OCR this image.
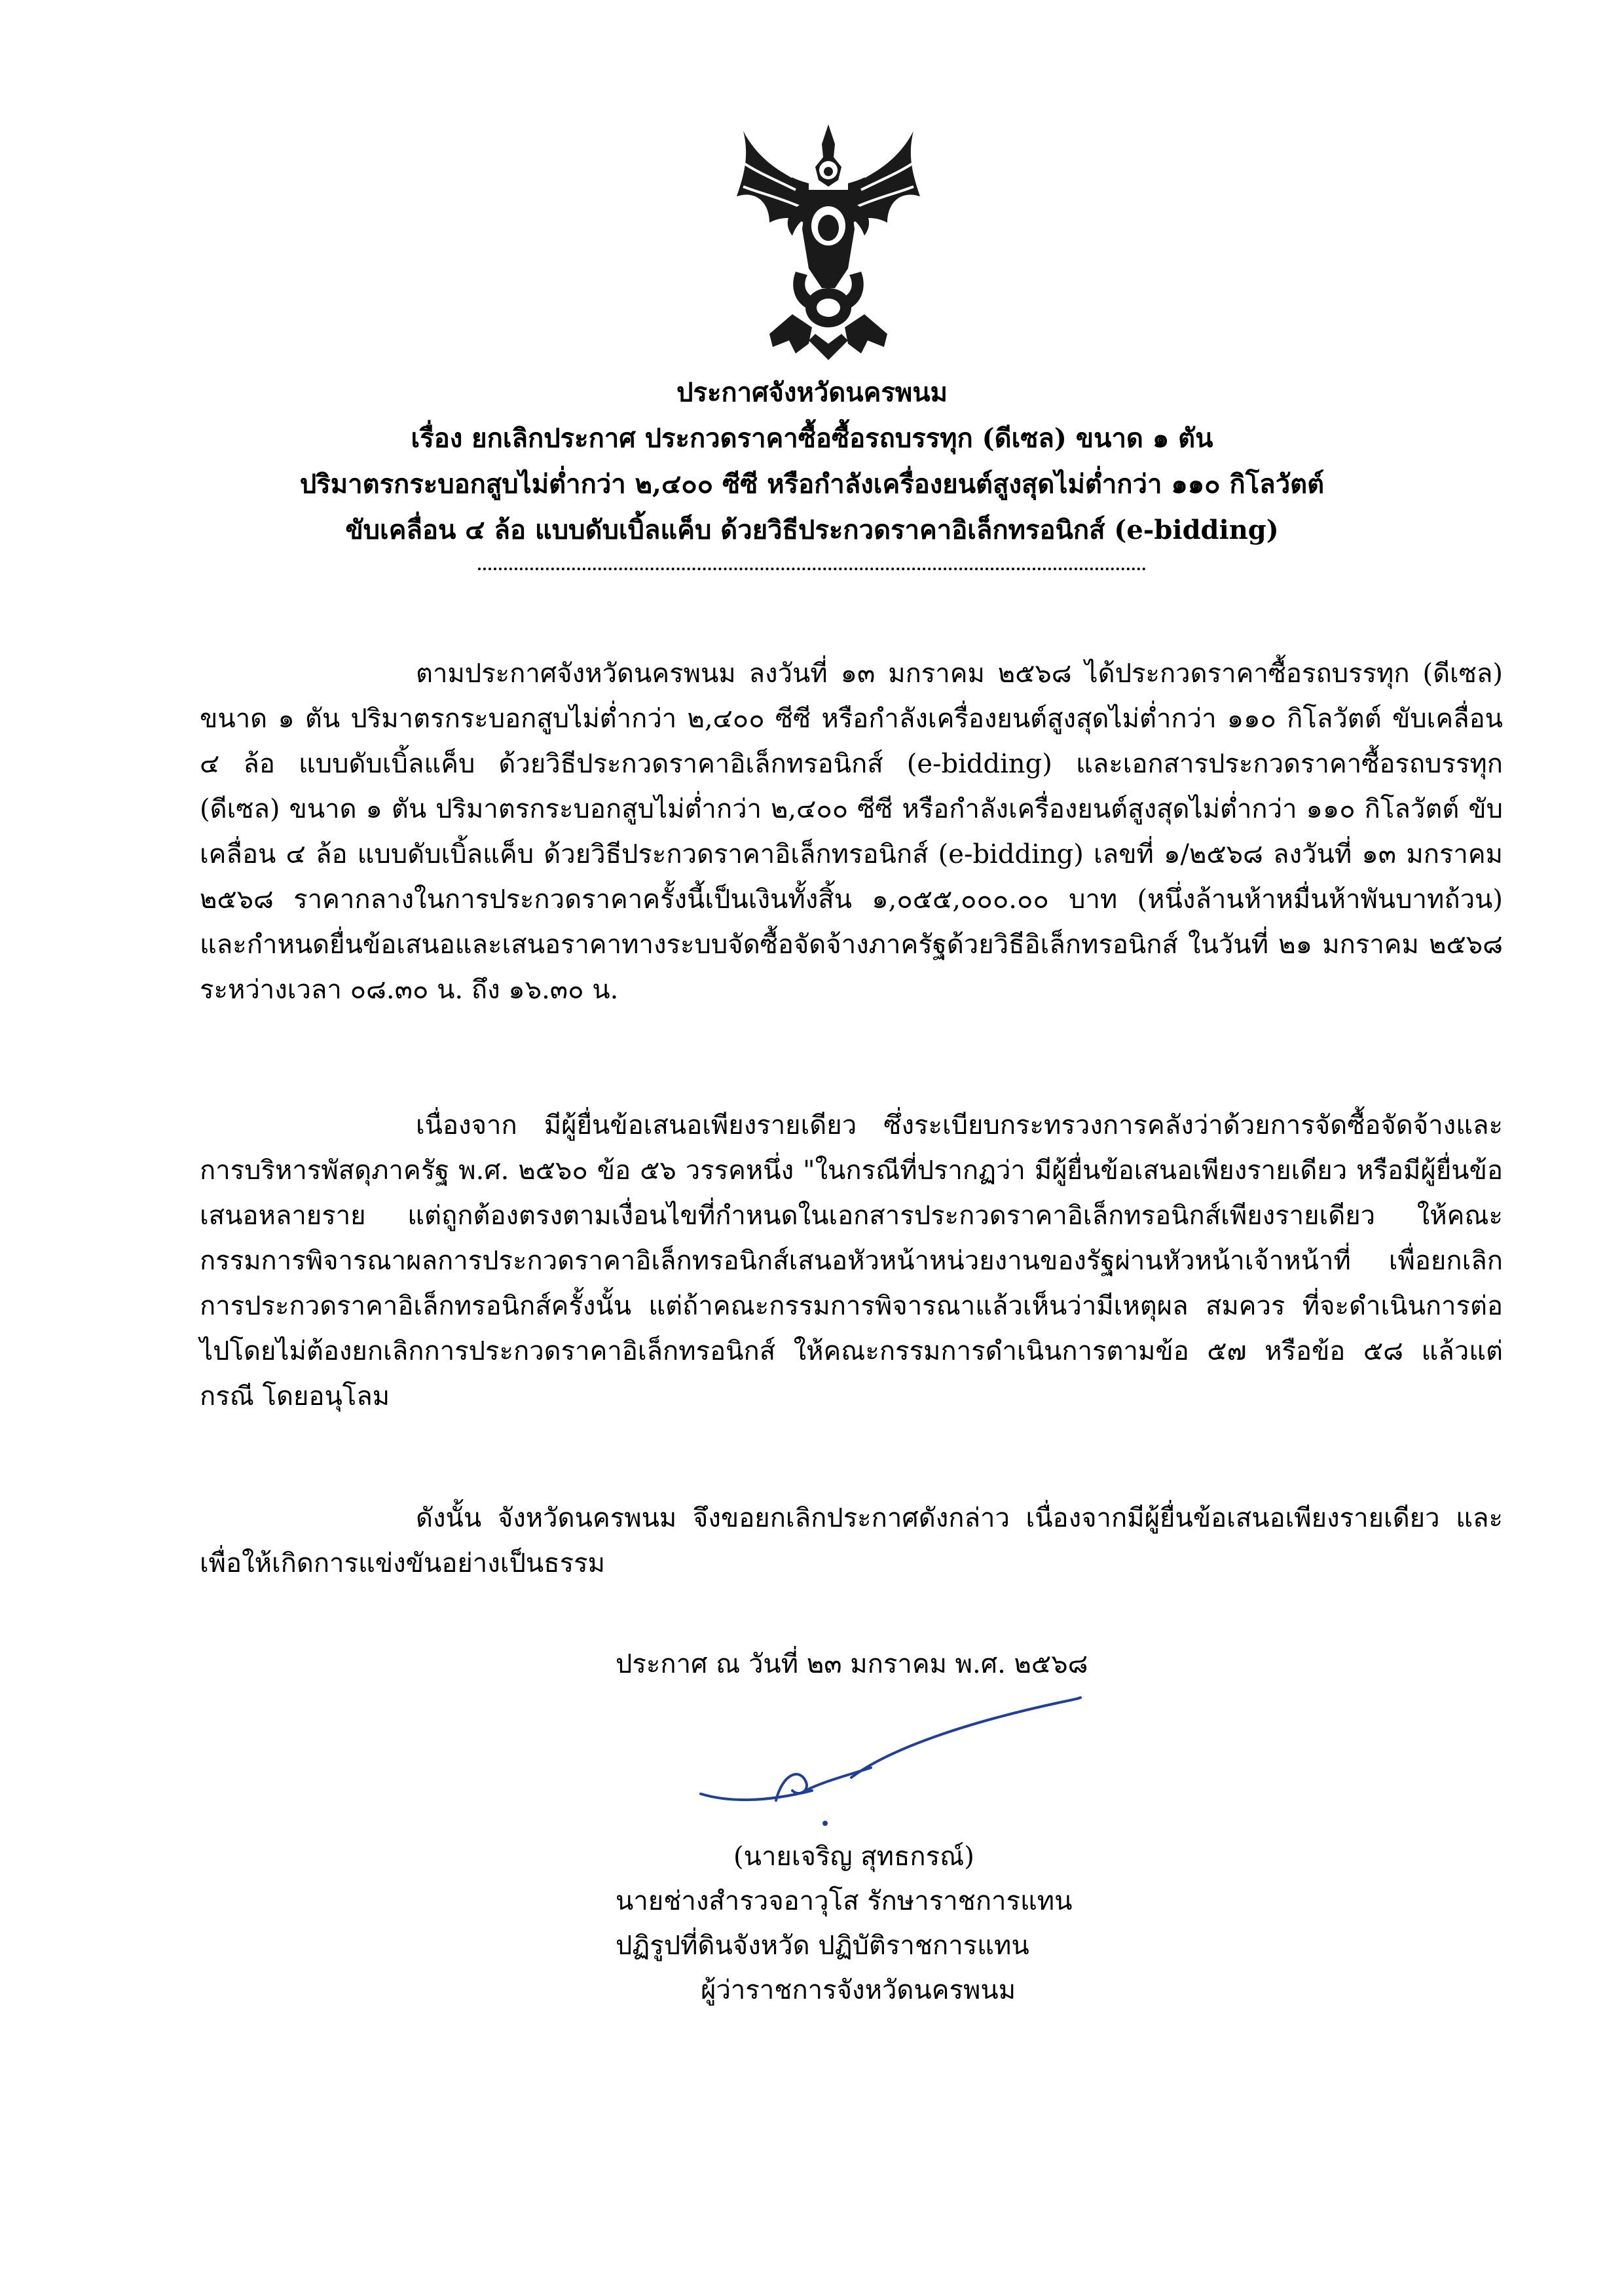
ประกาศจังหวัดนครพนม
เรื่อง ยกเลิกประกาศ ประกวดราคาซื้อซื้อรถบรรทุก (ดีเซล) ขนาด ๑ ตัน
ปริมาตรกระบอกสูบไม่ต่ำกว่า ๒,๔๐๐ ซีซี หรือกำลังเครื่องยนต์สูงสุดไม่ต่ำกว่า ๑๑๐ กิโลวัตต์
ขับเคลื่อน ๔ ล้อ แบบดับเบิ้ลแค็บ ด้วยวิธีประกวดราคาอิเล็กทรอนิกส์ (e-bidding)

ตามประกาศจังหวัดนครพนม ลงวันที่ ๑๓ มกราคม ๒๕๖๘ ได้ประกวดราคาซื้อรถบรรทุก (ดีเซล) ขนาด ๑ ตัน ปริมาตรกระบอกสูบไม่ต่ำกว่า ๒,๔๐๐ ซีซี หรือกำลังเครื่องยนต์สูงสุดไม่ต่ำกว่า ๑๑๐ กิโลวัตต์ ขับเคลื่อน ๔ ล้อ แบบดับเบิ้ลแค็บ ด้วยวิธีประกวดราคาอิเล็กทรอนิกส์ (e-bidding) และเอกสารประกวดราคาซื้อรถบรรทุก (ดีเซล) ขนาด ๑ ตัน ปริมาตรกระบอกสูบไม่ต่ำกว่า ๒,๔๐๐ ซีซี หรือกำลังเครื่องยนต์สูงสุดไม่ต่ำกว่า ๑๑๐ กิโลวัตต์ ขับเคลื่อน ๔ ล้อ แบบดับเบิ้ลแค็บ ด้วยวิธีประกวดราคาอิเล็กทรอนิกส์ (e-bidding) เลขที่ ๑/๒๕๖๘ ลงวันที่ ๑๓ มกราคม ๒๕๖๘ ราคากลางในการประกวดราคาครั้งนี้เป็นเงินทั้งสิ้น ๑,๐๕๕,๐๐๐.๐๐ บาท (หนึ่งล้านห้าหมื่นห้าพันบาทถ้วน) และกำหนดยื่นข้อเสนอและเสนอราคาทางระบบจัดซื้อจัดจ้างภาครัฐด้วยวิธีอิเล็กทรอนิกส์ ในวันที่ ๒๑ มกราคม ๒๕๖๘ ระหว่างเวลา ๐๘.๓๐ น. ถึง ๑๖.๓๐ น.

เนื่องจาก มีผู้ยื่นข้อเสนอเพียงรายเดียว ซึ่งระเบียบกระทรวงการคลังว่าด้วยการจัดซื้อจัดจ้างและการบริหารพัสดุภาครัฐ พ.ศ. ๒๕๖๐ ข้อ ๕๖ วรรคหนึ่ง "ในกรณีที่ปรากฏว่า มีผู้ยื่นข้อเสนอเพียงรายเดียว หรือมีผู้ยื่นข้อเสนอหลายราย แต่ถูกต้องตรงตามเงื่อนไขที่กำหนดในเอกสารประกวดราคาอิเล็กทรอนิกส์เพียงรายเดียว ให้คณะกรรมการพิจารณาผลการประกวดราคาอิเล็กทรอนิกส์เสนอหัวหน้าหน่วยงานของรัฐผ่านหัวหน้าเจ้าหน้าที่ เพื่อยกเลิกการประกวดราคาอิเล็กทรอนิกส์ครั้งนั้น แต่ถ้าคณะกรรมการพิจารณาแล้วเห็นว่ามีเหตุผล สมควร ที่จะดำเนินการต่อไปโดยไม่ต้องยกเลิกการประกวดราคาอิเล็กทรอนิกส์ ให้คณะกรรมการดำเนินการตามข้อ ๕๗ หรือข้อ ๕๘ แล้วแต่กรณี โดยอนุโลม

ดังนั้น จังหวัดนครพนม จึงขอยกเลิกประกาศดังกล่าว เนื่องจากมีผู้ยื่นข้อเสนอเพียงรายเดียว และเพื่อให้เกิดการแข่งขันอย่างเป็นธรรม

ประกาศ ณ วันที่ ๒๓ มกราคม พ.ศ. ๒๕๖๘
(นายเจริญ สุทธกรณ์)
นายช่างสำรวจอาวุโส รักษาราชการแทน
ปฏิรูปที่ดินจังหวัด ปฏิบัติราชการแทน
ผู้ว่าราชการจังหวัดนครพนม
